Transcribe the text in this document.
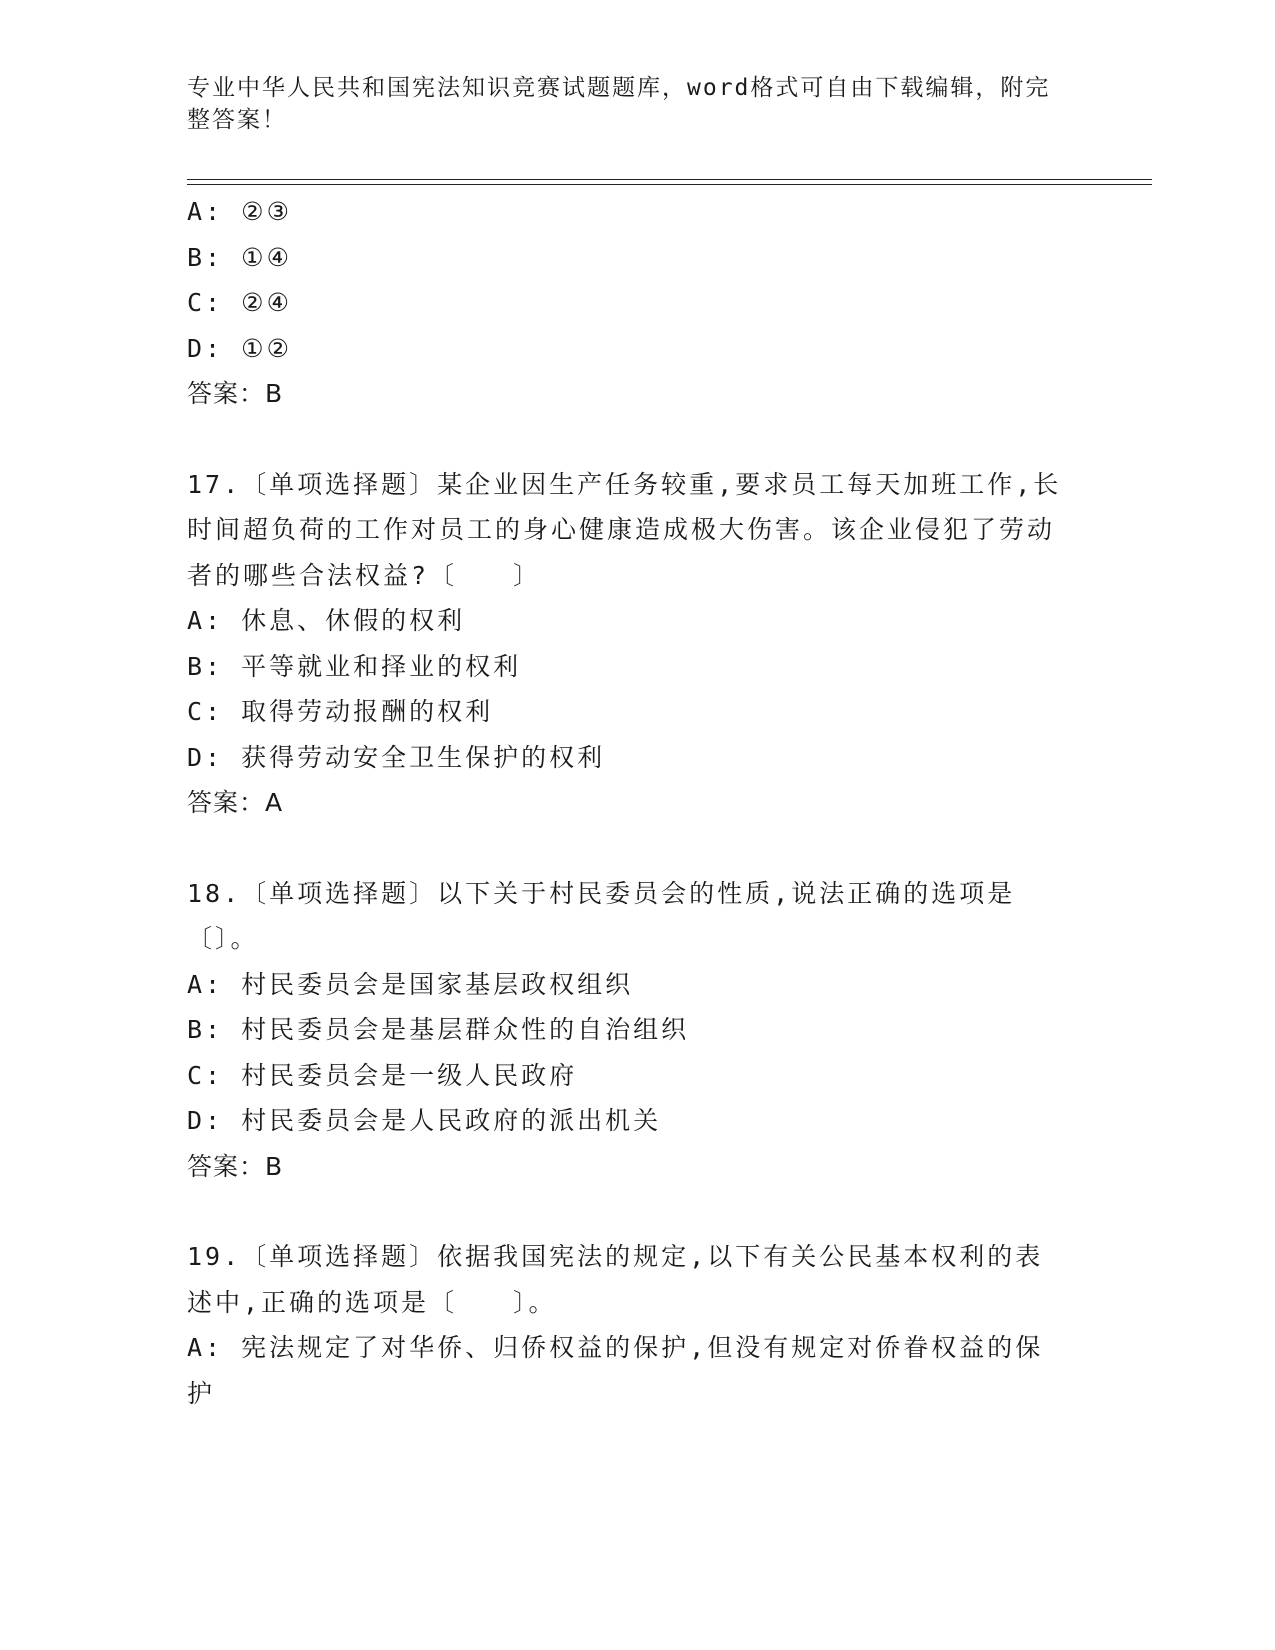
专业中华人民共和国宪法知识竞赛试题题库，word格式可自由下载编辑，附完整答案！
A: ②③
B: ①④
C: ②④
D: ①②
答案：B
17.〔单项选择题〕某企业因生产任务较重,要求员工每天加班工作,长时间超负荷的工作对员工的身心健康造成极大伤害。该企业侵犯了劳动者的哪些合法权益?〔　　〕
A: 休息、休假的权利
B: 平等就业和择业的权利
C: 取得劳动报酬的权利
D: 获得劳动安全卫生保护的权利
答案：A
18.〔单项选择题〕以下关于村民委员会的性质,说法正确的选项是〔〕。
A: 村民委员会是国家基层政权组织
B: 村民委员会是基层群众性的自治组织
C: 村民委员会是一级人民政府
D: 村民委员会是人民政府的派出机关
答案：B
19.〔单项选择题〕依据我国宪法的规定,以下有关公民基本权利的表述中,正确的选项是〔　　〕。
A: 宪法规定了对华侨、归侨权益的保护,但没有规定对侨眷权益的保护
